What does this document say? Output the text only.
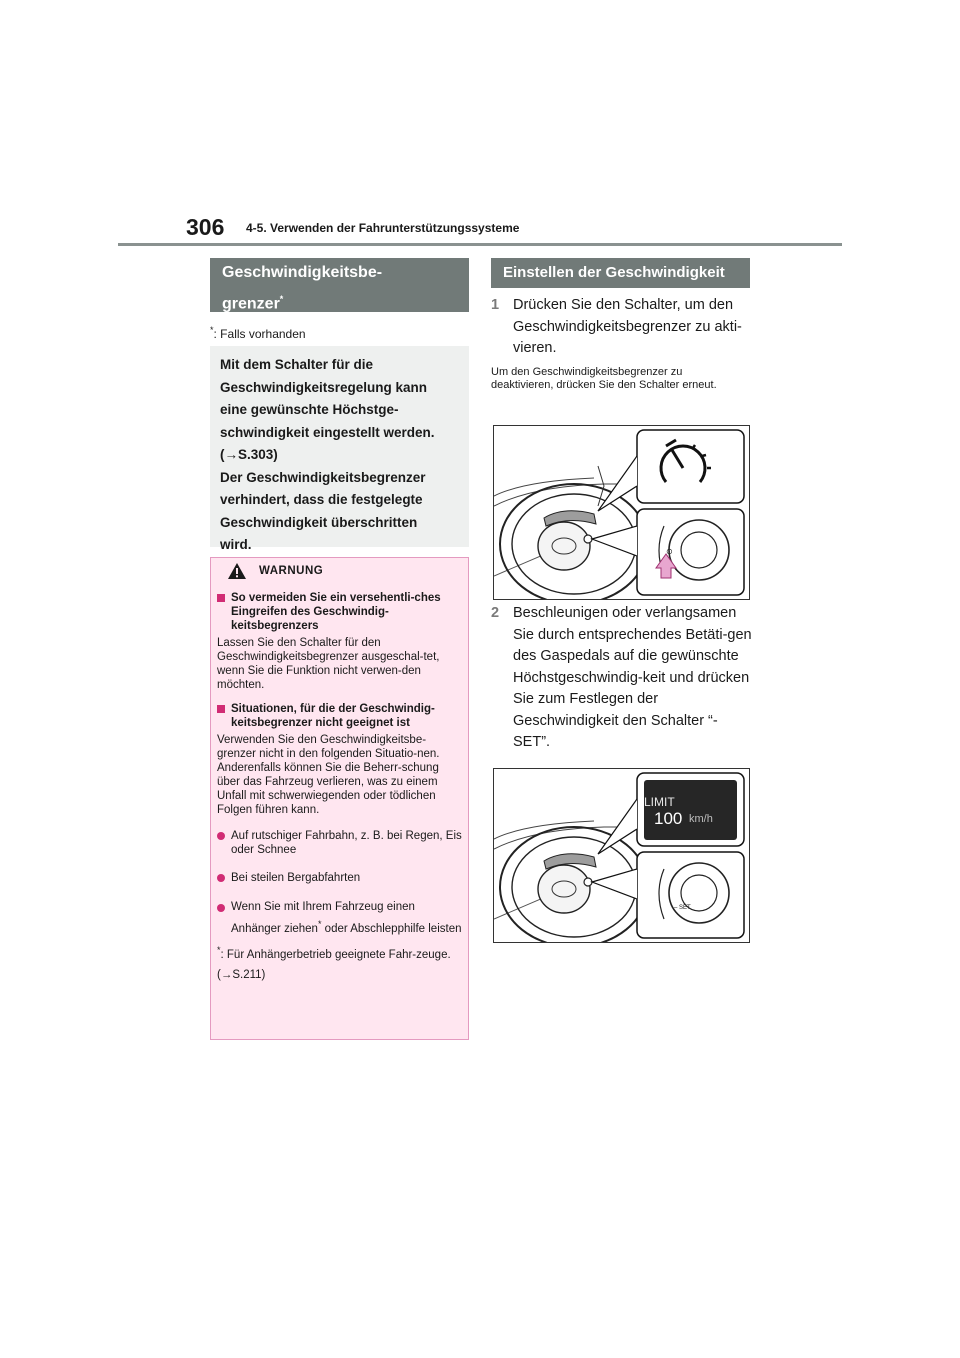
306 4-5. Verwenden der Fahrunterstützungssysteme
Geschwindigkeitsbe-
grenzer*
*: Falls vorhanden
Mit dem Schalter für die
Geschwindigkeitsregelung kann
eine gewünschte Höchstge-
schwindigkeit eingestellt werden.
(→S.303)
Der Geschwindigkeitsbegrenzer
verhindert, dass die festgelegte
Geschwindigkeit überschritten
wird.
WARNUNG
So vermeiden Sie ein versehentli-ches Eingreifen des Geschwindig-keitsbegrenzers
Lassen Sie den Schalter für den Geschwindigkeitsbegrenzer ausgeschal-tet, wenn Sie die Funktion nicht verwen-den möchten.
Situationen, für die der Geschwindig-keitsbegrenzer nicht geeignet ist
Verwenden Sie den Geschwindigkeitsbe-grenzer nicht in den folgenden Situatio-nen.
Anderenfalls können Sie die Beherr-schung über das Fahrzeug verlieren, was zu einem Unfall mit schwerwiegenden oder tödlichen Folgen führen kann.
Auf rutschiger Fahrbahn, z. B. bei Regen, Eis oder Schnee
Bei steilen Bergabfahrten
Wenn Sie mit Ihrem Fahrzeug einen Anhänger ziehen* oder Abschlepphilfe leisten
*: Für Anhängerbetrieb geeignete Fahr-zeuge. (→S.211)
Einstellen der Geschwindigkeit
1 Drücken Sie den Schalter, um den Geschwindigkeitsbegrenzer zu akti-vieren.
Um den Geschwindigkeitsbegrenzer zu deaktivieren, drücken Sie den Schalter erneut.
⊙
2 Beschleunigen oder verlangsamen Sie durch entsprechendes Betäti-gen des Gaspedals auf die gewünschte Höchstgeschwindig-keit und drücken Sie zum Festlegen der Geschwindigkeit den Schalter “-SET”.
LIMIT
100 km/h
– SET
